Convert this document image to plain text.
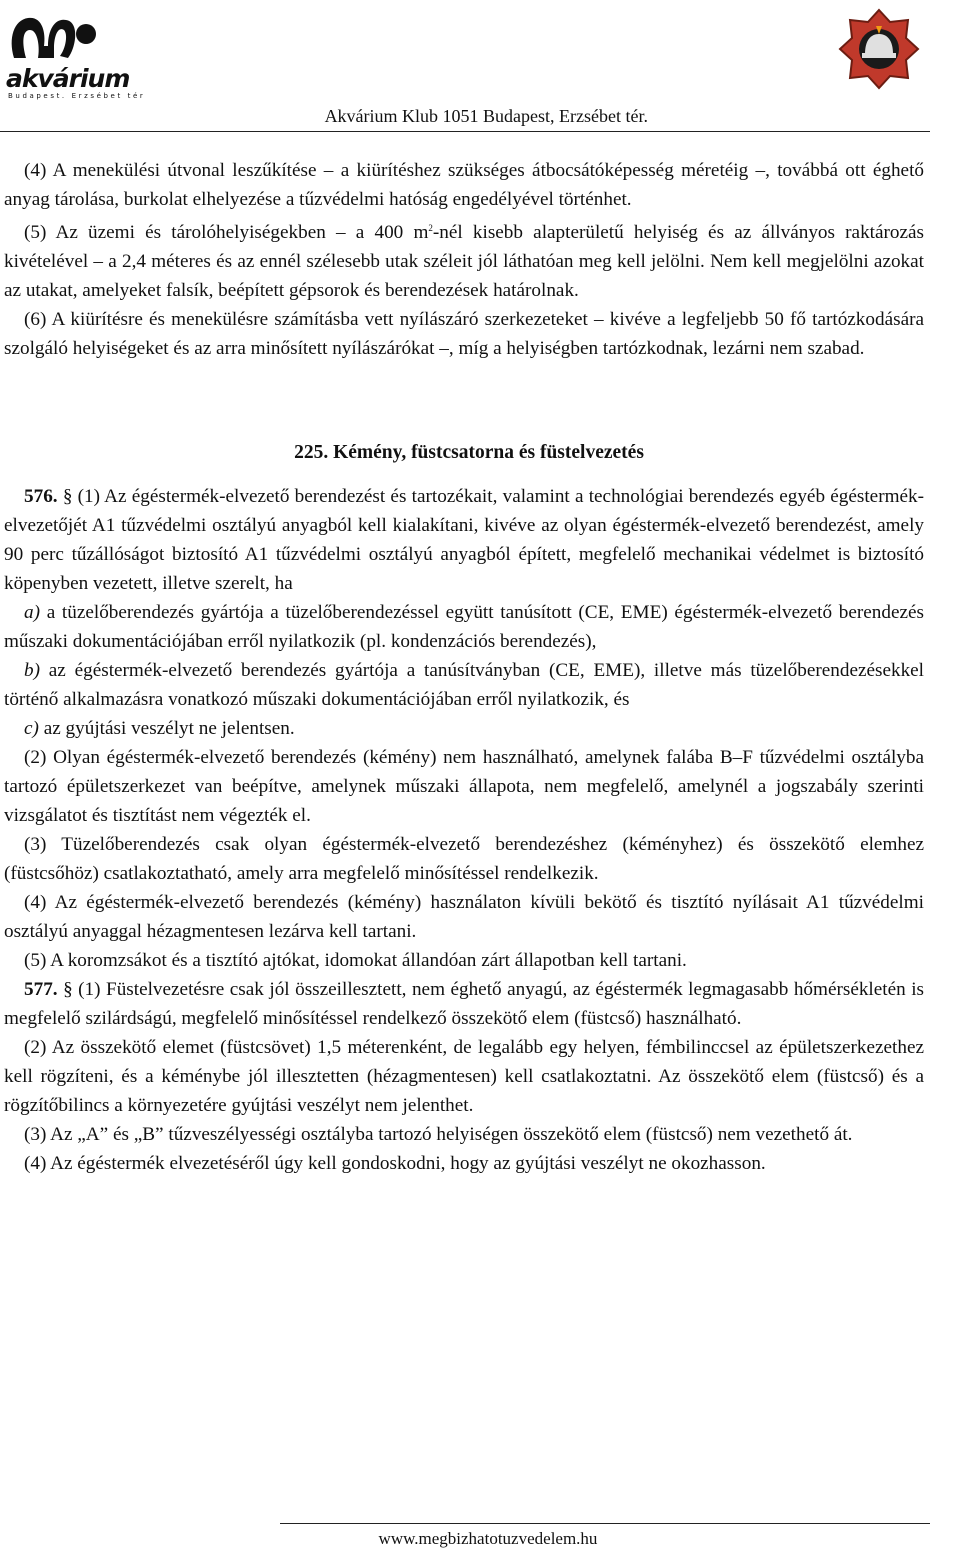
akvárium
Budapest. Erzsébet tér
Akvárium Klub 1051 Budapest, Erzsébet tér.

(4) A menekülési útvonal leszűkítése – a kiürítéshez szükséges átbocsátóképesség méretéig –, továbbá ott éghető anyag tárolása, burkolat elhelyezése a tűzvédelmi hatóság engedélyével történhet.

(5) Az üzemi és tárolóhelyiségekben – a 400 $m^2$-nél kisebb alapterületű helyiség és az állványos raktározás kivételével – a 2,4 méteres és az ennél szélesebb utak széleit jól láthatóan meg kell jelölni. Nem kell megjelölni azokat az utakat, amelyeket falsík, beépített gépsorok és berendezések határolnak.

(6) A kiürítésre és menekülésre számításba vett nyílászáró szerkezeteket – kivéve a legfeljebb 50 fő tartózkodására szolgáló helyiségeket és az arra minősített nyílászárókat –, míg a helyiségben tartózkodnak, lezárni nem szabad.

225. Kémény, füstcsatorna és füstelvezetés

576. § (1) Az égéstermék-elvezető berendezést és tartozékait, valamint a technológiai berendezés egyéb égéstermék-elvezetőjét A1 tűzvédelmi osztályú anyagból kell kialakítani, kivéve az olyan égéstermék-elvezető berendezést, amely 90 perc tűzállóságot biztosító A1 tűzvédelmi osztályú anyagból épített, megfelelő mechanikai védelmet is biztosító köpenyben vezetett, illetve szerelt, ha

a) a tüzelőberendezés gyártója a tüzelőberendezéssel együtt tanúsított (CE, EME) égéstermék-elvezető berendezés műszaki dokumentációjában erről nyilatkozik (pl. kondenzációs berendezés),

b) az égéstermék-elvezető berendezés gyártója a tanúsítványban (CE, EME), illetve más tüzelőberendezésekkel történő alkalmazásra vonatkozó műszaki dokumentációjában erről nyilatkozik, és

c) az gyújtási veszélyt ne jelentsen.

(2) Olyan égéstermék-elvezető berendezés (kémény) nem használható, amelynek falába B–F tűzvédelmi osztályba tartozó épületszerkezet van beépítve, amelynek műszaki állapota, nem megfelelő, amelynél a jogszabály szerinti vizsgálatot és tisztítást nem végezték el.

(3) Tüzelőberendezés csak olyan égéstermék-elvezető berendezéshez (kéményhez) és összekötő elemhez (füstcsőhöz) csatlakoztatható, amely arra megfelelő minősítéssel rendelkezik.

(4) Az égéstermék-elvezető berendezés (kémény) használaton kívüli bekötő és tisztító nyílásait A1 tűzvédelmi osztályú anyaggal hézagmentesen lezárva kell tartani.

(5) A koromzsákot és a tisztító ajtókat, idomokat állandóan zárt állapotban kell tartani.

577. § (1) Füstelvezetésre csak jól összeillesztett, nem éghető anyagú, az égéstermék legmagasabb hőmérsékletén is megfelelő szilárdságú, megfelelő minősítéssel rendelkező összekötő elem (füstcső) használható.

(2) Az összekötő elemet (füstcsövet) 1,5 méterenként, de legalább egy helyen, fémbilinccsel az épületszerkezethez kell rögzíteni, és a kéménybe jól illesztetten (hézagmentesen) kell csatlakoztatni. Az összekötő elem (füstcső) és a rögzítőbilincs a környezetére gyújtási veszélyt nem jelenthet.

(3) Az „A” és „B” tűzveszélyességi osztályba tartozó helyiségen összekötő elem (füstcső) nem vezethető át.

(4) Az égéstermék elvezetéséről úgy kell gondoskodni, hogy az gyújtási veszélyt ne okozhasson.

www.megbizhatotuzvedelem.hu
